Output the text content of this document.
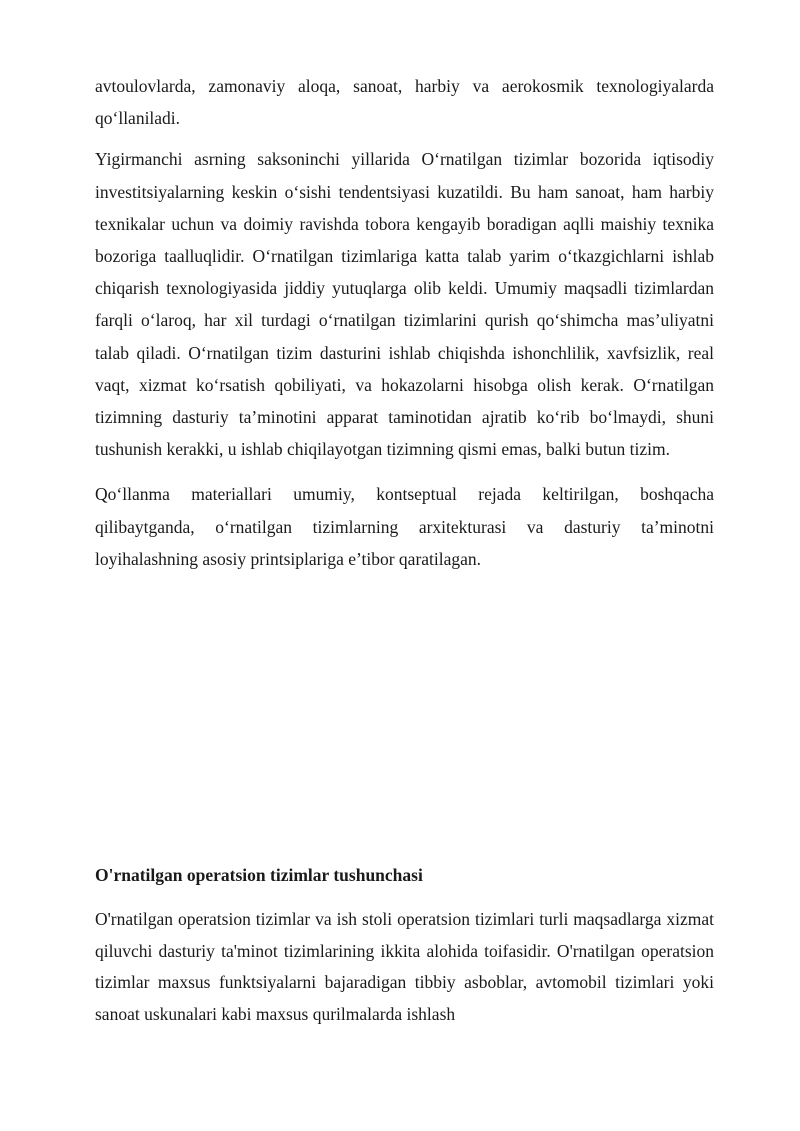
avtoulovlarda, zamonaviy aloqa, sanoat, harbiy va aerokosmik texnologiyalarda qo‘llaniladi.

Yigirmanchi asrning saksoninchi yillarida O‘rnatilgan tizimlar bozorida iqtisodiy investitsiyalarning keskin o‘sishi tendentsiyasi kuzatildi. Bu ham sanoat, ham harbiy texnikalar uchun va doimiy ravishda tobora kengayib boradigan aqlli maishiy texnika bozoriga taalluqlidir. O‘rnatilgan tizimlariga katta talab yarim o‘tkazgichlarni ishlab chiqarish texnologiyasida jiddiy yutuqlarga olib keldi. Umumiy maqsadli tizimlardan farqli o‘laroq, har xil turdagi o‘rnatilgan tizimlarini qurish qo‘shimcha mas’uliyatni talab qiladi. O‘rnatilgan tizim dasturini ishlab chiqishda ishonchlilik, xavfsizlik, real vaqt, xizmat ko‘rsatish qobiliyati, va hokazolarni hisobga olish kerak. O‘rnatilgan tizimning dasturiy ta’minotini apparat taminotidan ajratib ko‘rib bo‘lmaydi, shuni tushunish kerakki, u ishlab chiqilayotgan tizimning qismi emas, balki butun tizim.

Qo‘llanma materiallari umumiy, kontseptual rejada keltirilgan, boshqacha qilibaytganda, o‘rnatilgan tizimlarning arxitekturasi va dasturiy ta’minotni loyihalashning asosiy printsiplariga e’tibor qaratilagan.

O'rnatilgan operatsion tizimlar tushunchasi

O'rnatilgan operatsion tizimlar va ish stoli operatsion tizimlari turli maqsadlarga xizmat qiluvchi dasturiy ta'minot tizimlarining ikkita alohida toifasidir. O'rnatilgan operatsion tizimlar maxsus funktsiyalarni bajaradigan tibbiy asboblar, avtomobil tizimlari yoki sanoat uskunalari kabi maxsus qurilmalarda ishlash
